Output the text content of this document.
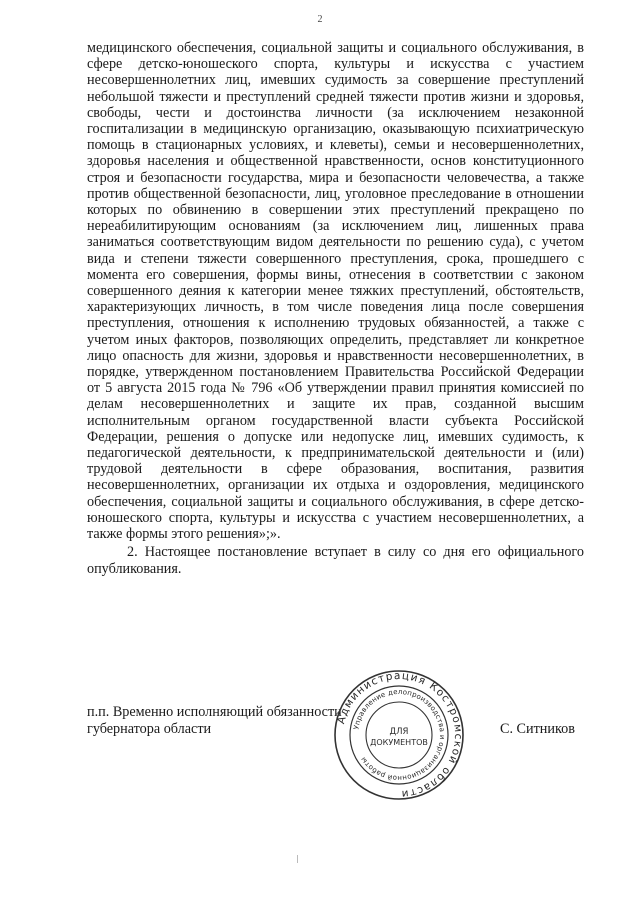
2

медицинского обеспечения, социальной защиты и социального обслуживания, в сфере детско-юношеского спорта, культуры и искусства с участием несовершеннолетних лиц, имевших судимость за совершение преступлений небольшой тяжести и преступлений средней тяжести против жизни и здоровья, свободы, чести и достоинства личности (за исключением незаконной госпитализации в медицинскую организацию, оказывающую психиатрическую помощь в стационарных условиях, и клеветы), семьи и несовершеннолетних, здоровья населения и общественной нравственности, основ конституционного строя и безопасности государства, мира и безопасности человечества, а также против общественной безопасности, лиц, уголовное преследование в отношении которых по обвинению в совершении этих преступлений прекращено по нереабилитирующим основаниям (за исключением лиц, лишенных права заниматься соответствующим видом деятельности по решению суда), с учетом вида и степени тяжести совершенного преступления, срока, прошедшего с момента его совершения, формы вины, отнесения в соответствии с законом совершенного деяния к категории менее тяжких преступлений, обстоятельств, характеризующих личность, в том числе поведения лица после совершения преступления, отношения к исполнению трудовых обязанностей, а также с учетом иных факторов, позволяющих определить, представляет ли конкретное лицо опасность для жизни, здоровья и нравственности несовершеннолетних, в порядке, утвержденном постановлением Правительства Российской Федерации от 5 августа 2015 года № 796 «Об утверждении правил принятия комиссией по делам несовершеннолетних и защите их прав, созданной высшим исполнительным органом государственной власти субъекта Российской Федерации, решения о допуске или недопуске лиц, имевших судимость, к педагогической деятельности, к предпринимательской деятельности и (или) трудовой деятельности в сфере образования, воспитания, развития несовершеннолетних, организации их отдыха и оздоровления, медицинского обеспечения, социальной защиты и социального обслуживания, в сфере детско-юношеского спорта, культуры и искусства с участием несовершеннолетних, а также формы этого решения»;».

2. Настоящее постановление вступает в силу со дня его официального опубликования.

п.п. Временно исполняющий обязанности
губернатора области	С. Ситников
Администрация Костромской области
Управление делопроизводства и организационной работы
ДЛЯ
ДОКУМЕНТОВ
